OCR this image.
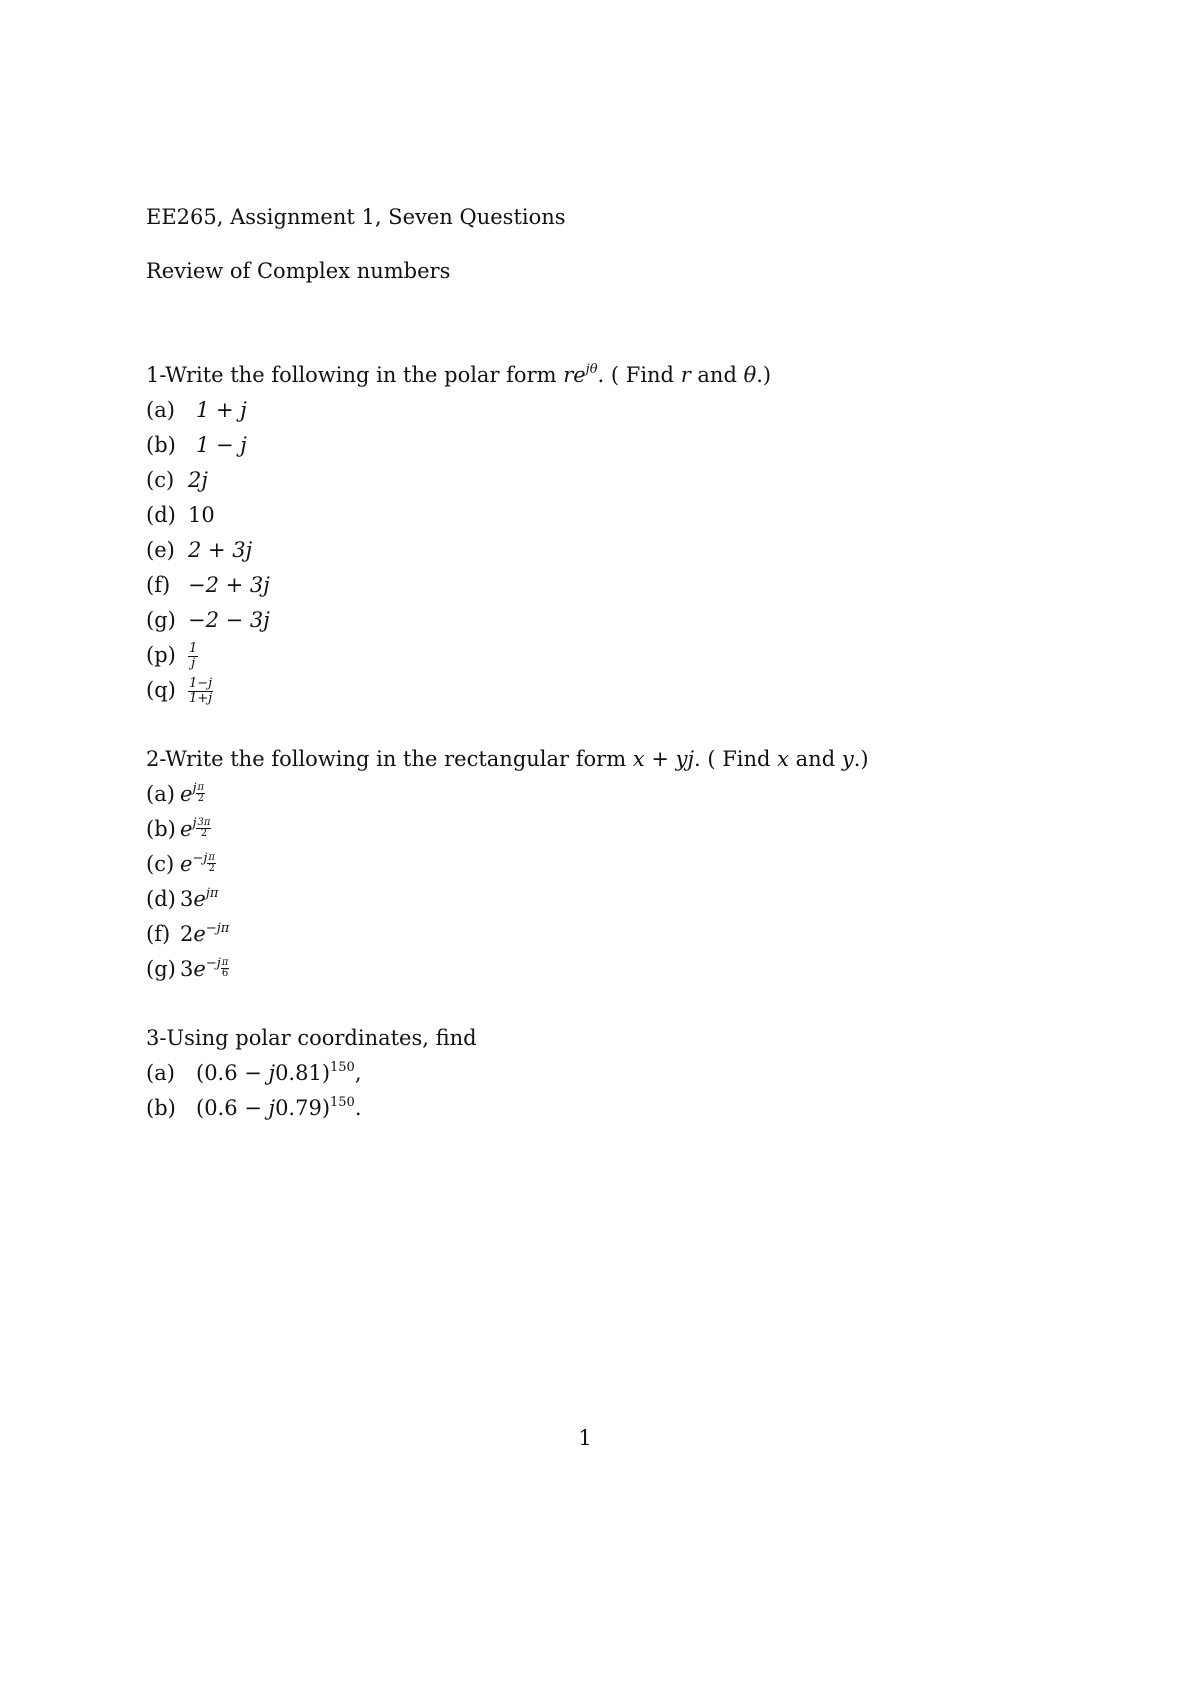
EE265, Assignment 1, Seven Questions
Review of Complex numbers
1-Write the following in the polar form $re^{j\theta}$. ( Find r and θ.)
(a) 1 + j
(b) 1 − j
(c) 2j
(d) 10
(e) 2 + 3j
(f) −2 + 3j
(g) −2 − 3j
$(p) \frac{1}{j}$
$(q) \frac{1-j}{1+j}$
2-Write the following in the rectangular form x + yj. ( Find x and y.)
(a) $e^{j \frac{\pi}{2}}$
(b) $e^{j \frac{3\pi}{2}}$
(c) $e^{-j \frac{\pi}{2}}$
(d) $3e^{j\pi}$
(f) $2e^{-j\pi}$
(g) $3e^{-j \frac{\pi}{6}}$
3-Using polar coordinates, find
(a) $(0.6 - j0.81)^{150}$,
(b) $(0.6 - j0.79)^{150}$.
1
